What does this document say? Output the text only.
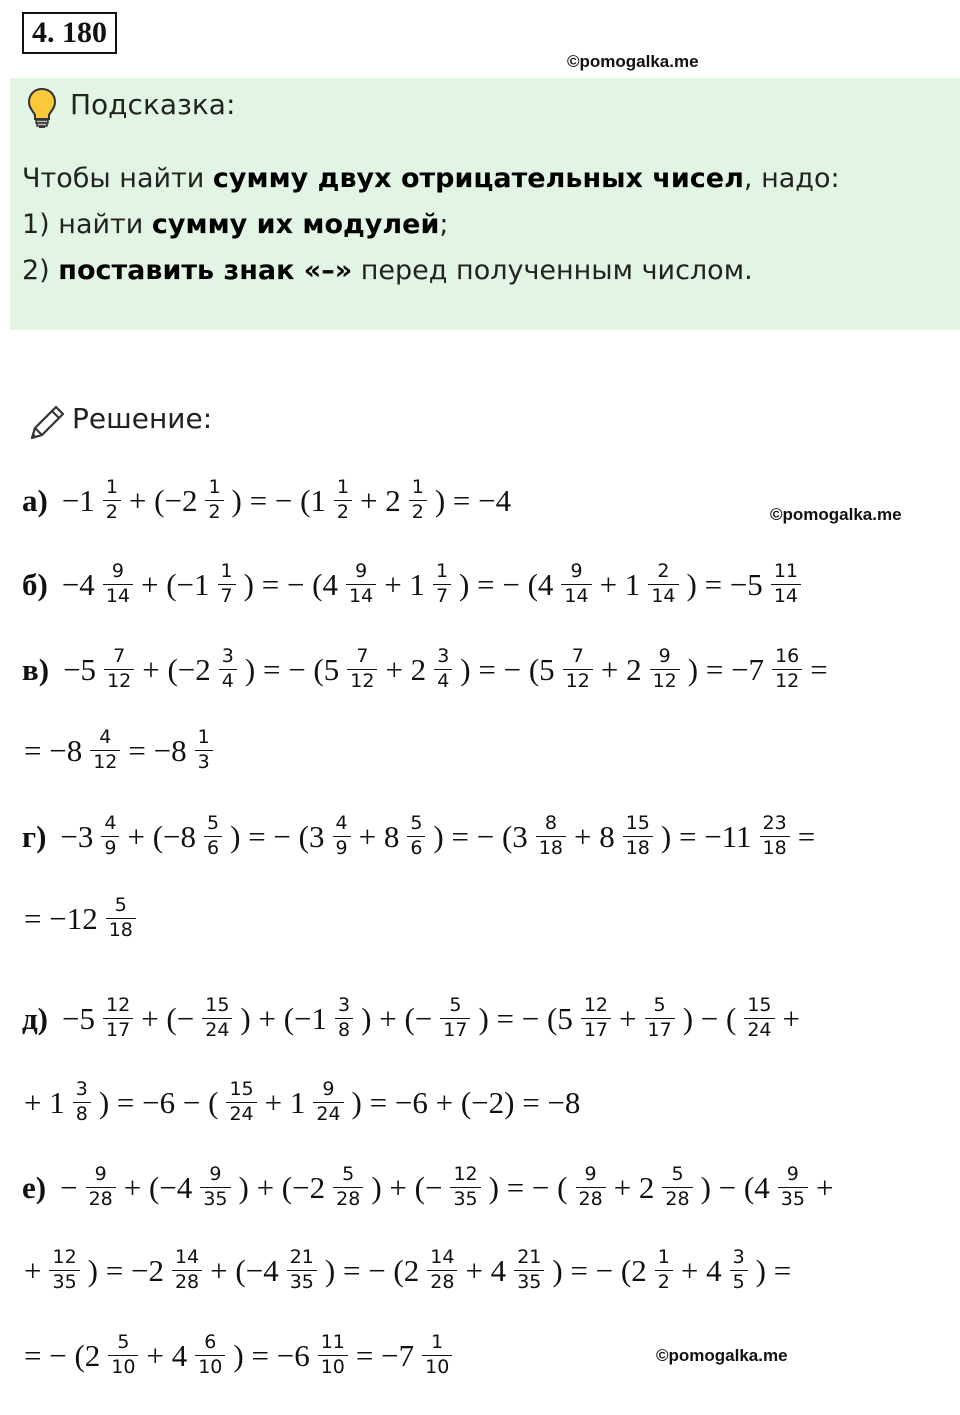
4. 180
©pomogalka.me
Подсказка:
Чтобы найти сумму двух отрицательных чисел, надо:
1) найти сумму их модулей;
2) поставить знак «–» перед полученным числом.
Решение:
$а) -1 \frac{1}{2} + (-2 \frac{1}{2}$ ) = − ($1 \frac{1}{2} + 2 \frac{1}{2}$ ) = −4
$б) -4 \frac{9}{14} + (-1 \frac{1}{7}$ ) = − ($4 \frac{9}{14} + 1 \frac{1}{7}$ ) = − ($4 \frac{9}{14} + 1 \frac{2}{14}$ ) = $-5 \frac{11}{14}$
$в) -5 \frac{7}{12} + (-2 \frac{3}{4}$ ) = − ($5 \frac{7}{12} + 2 \frac{3}{4}$ ) = − ($5 \frac{7}{12} + 2 \frac{9}{12}$ ) = $-7 \frac{16}{12}$ =
= $-8 \frac{4}{12} = -8 \frac{1}{3}$
$г) -3 \frac{4}{9} + (-8 \frac{5}{6}$ ) = − ($3 \frac{4}{9} + 8 \frac{5}{6}$ ) = − ($3 \frac{8}{18} + 8 \frac{15}{18}$ ) = $-11 \frac{23}{18}$ =
= $-12 \frac{5}{18}$
$д) -5 \frac{12}{17}$ + (− $\frac{15}{24}$ ) + ($-1 \frac{3}{8}$ ) + (− $\frac{5}{17}$ ) = − ($5 \frac{12}{17} + \frac{5}{17}$ ) − ( $\frac{15}{24}$ +
+ $1 \frac{3}{8}$ ) = −6 − ( $\frac{15}{24} + 1 \frac{9}{24}$ ) = −6 + (−2) = −8
$е) - \frac{9}{28} + (-4 \frac{9}{35}$ ) + ($-2 \frac{5}{28}$ ) + (− $\frac{12}{35}$ ) = − ( $\frac{9}{28} + 2 \frac{5}{28}$ ) − ($4 \frac{9}{35}$ +
+ $\frac{12}{35}$ ) = $-2 \frac{14}{28} + (-4 \frac{21}{35}$ ) = − ($2 \frac{14}{28} + 4 \frac{21}{35}$ ) = − ($2 \frac{1}{2} + 4 \frac{3}{5}$ ) =
= − ($2 \frac{5}{10} + 4 \frac{6}{10}$ ) = $-6 \frac{11}{10} = -7 \frac{1}{10}$
©pomogalka.me
©pomogalka.me
